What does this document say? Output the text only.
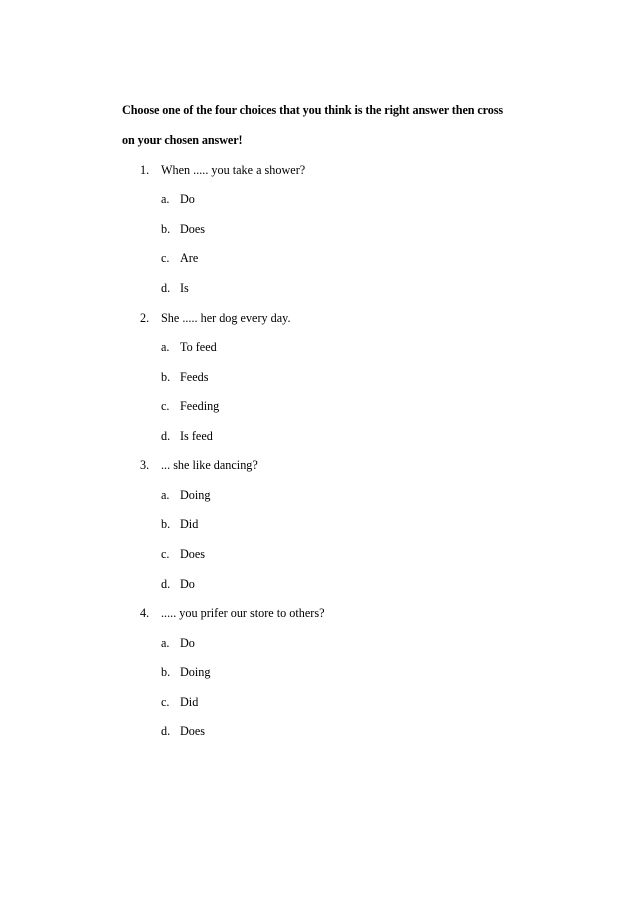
Choose one of the four choices that you think is the right answer then cross
on your chosen answer!
1. When ..... you take a shower?
a. Do
b. Does
c. Are
d. Is
2. She ..... her dog every day.
a. To feed
b. Feeds
c. Feeding
d. Is feed
3. ... she like dancing?
a. Doing
b. Did
c. Does
d. Do
4. ..... you prifer our store to others?
a. Do
b. Doing
c. Did
d. Does
